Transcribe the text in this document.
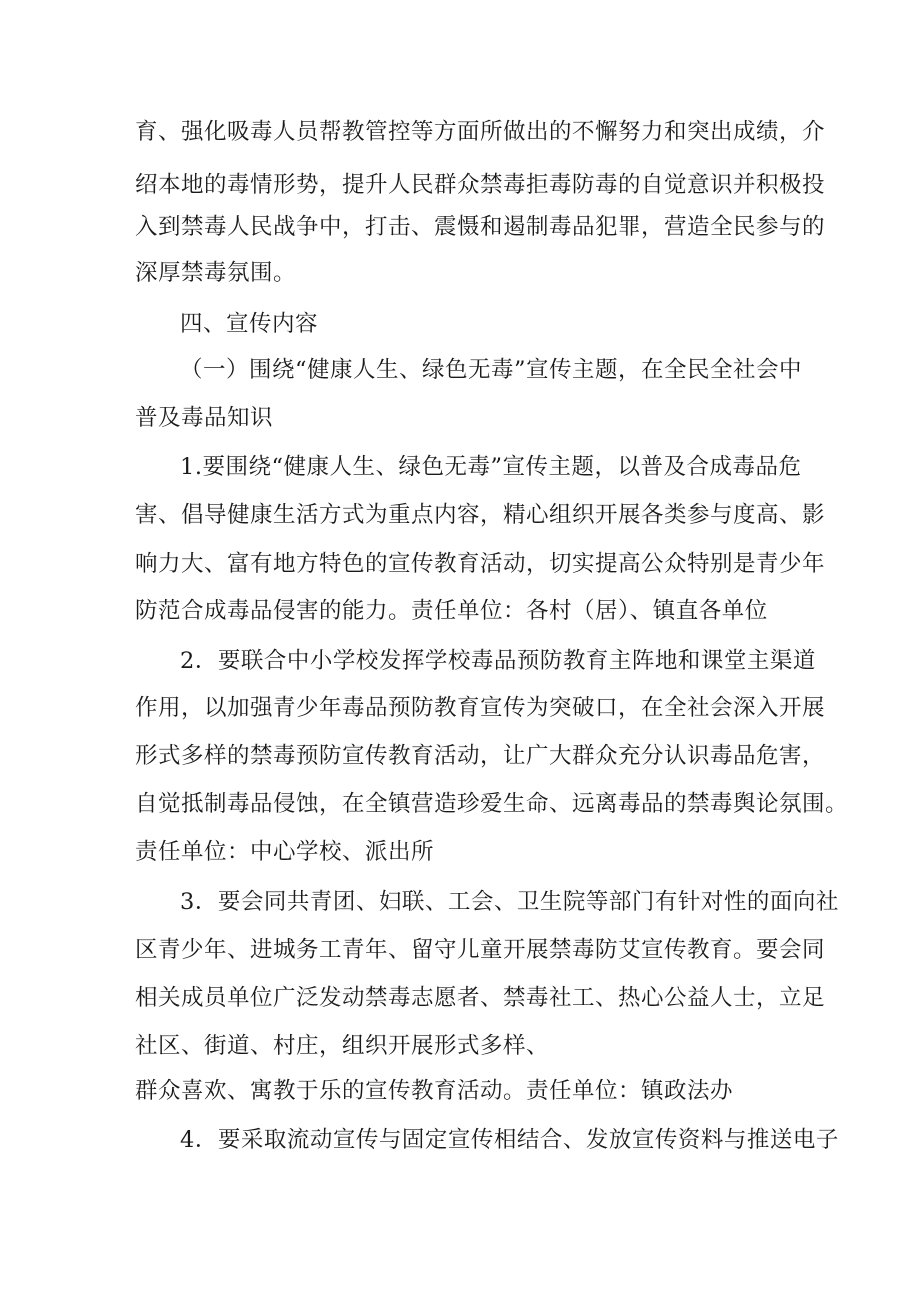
育、强化吸毒人员帮教管控等方面所做出的不懈努力和突出成绩，介
绍本地的毒情形势，提升人民群众禁毒拒毒防毒的自觉意识并积极投
入到禁毒人民战争中，打击、震慑和遏制毒品犯罪，营造全民参与的
深厚禁毒氛围。
四、宣传内容
（一）围绕“健康人生、绿色无毒”宣传主题，在全民全社会中
普及毒品知识
1.要围绕“健康人生、绿色无毒”宣传主题，以普及合成毒品危
害、倡导健康生活方式为重点内容，精心组织开展各类参与度高、影
响力大、富有地方特色的宣传教育活动，切实提高公众特别是青少年
防范合成毒品侵害的能力。责任单位：各村（居）、镇直各单位
2．要联合中小学校发挥学校毒品预防教育主阵地和课堂主渠道
作用，以加强青少年毒品预防教育宣传为突破口，在全社会深入开展
形式多样的禁毒预防宣传教育活动，让广大群众充分认识毒品危害，
自觉抵制毒品侵蚀，在全镇营造珍爱生命、远离毒品的禁毒舆论氛围。
责任单位：中心学校、派出所
3．要会同共青团、妇联、工会、卫生院等部门有针对性的面向社
区青少年、进城务工青年、留守儿童开展禁毒防艾宣传教育。要会同
相关成员单位广泛发动禁毒志愿者、禁毒社工、热心公益人士，立足
社区、街道、村庄，组织开展形式多样、
群众喜欢、寓教于乐的宣传教育活动。责任单位：镇政法办
4．要采取流动宣传与固定宣传相结合、发放宣传资料与推送电子
